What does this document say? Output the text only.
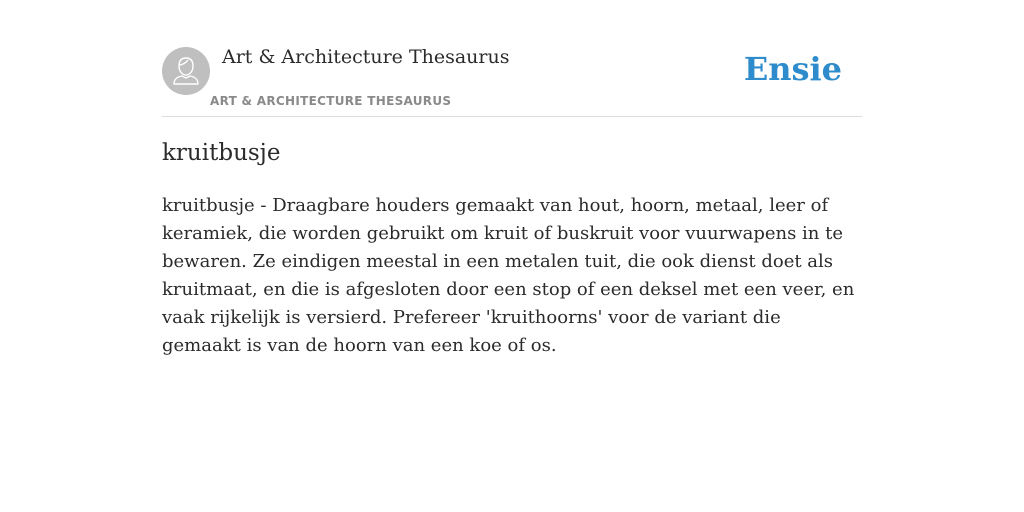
Art & Architecture Thesaurus
ART & ARCHITECTURE THESAURUS
Ensie
kruitbusje

kruitbusje - Draagbare houders gemaakt van hout, hoorn, metaal, leer of keramiek, die worden gebruikt om kruit of buskruit voor vuurwapens in te bewaren. Ze eindigen meestal in een metalen tuit, die ook dienst doet als kruitmaat, en die is afgesloten door een stop of een deksel met een veer, en vaak rijkelijk is versierd. Prefereer 'kruithoorns' voor de variant die gemaakt is van de hoorn van een koe of os.
